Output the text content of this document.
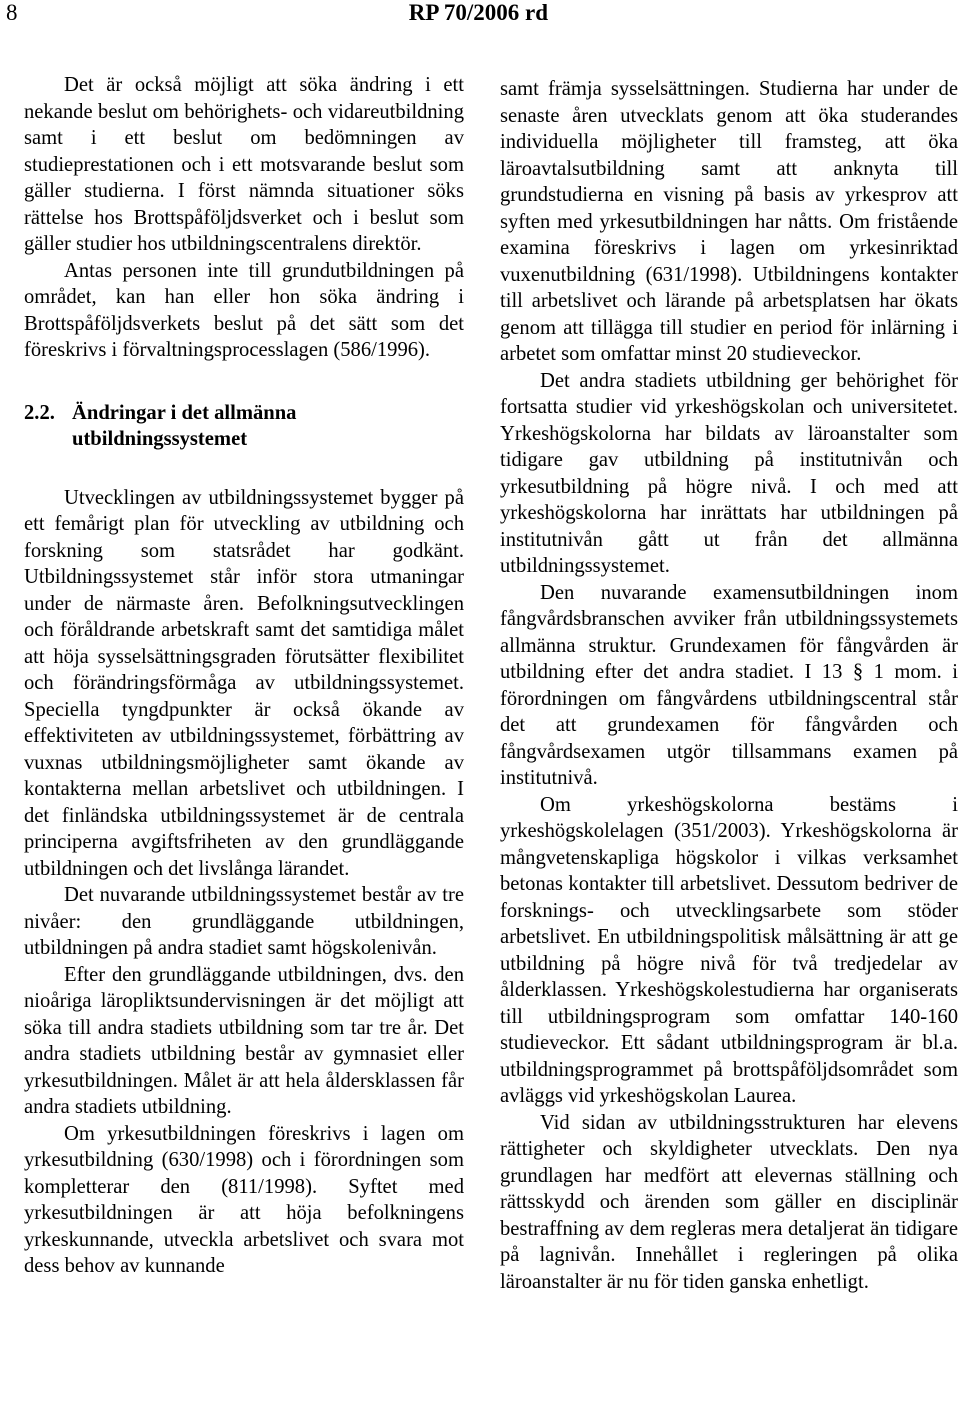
8	RP 70/2006 rd

Det är också möjligt att söka ändring i ett nekande beslut om behörighets- och vidareutbildning samt i ett beslut om bedömningen av studieprestationen och i ett motsvarande beslut som gäller studierna. I först nämnda situationer söks rättelse hos Brottspåföljdsverket och i beslut som gäller studier hos utbildningscentralens direktör.

Antas personen inte till grundutbildningen på området, kan han eller hon söka ändring i Brottspåföljdsverkets beslut på det sätt som det föreskrivs i förvaltningsprocesslagen (586/1996).

2.2. Ändringar i det allmänna utbildningssystemet

Utvecklingen av utbildningssystemet bygger på ett femårigt plan för utveckling av utbildning och forskning som statsrådet har godkänt. Utbildningssystemet står inför stora utmaningar under de närmaste åren. Befolkningsutvecklingen och föråldrande arbetskraft samt det samtidiga målet att höja sysselsättningsgraden förutsätter flexibilitet och förändringsförmåga av utbildningssystemet. Speciella tyngdpunkter är också ökande av effektiviteten av utbildningssystemet, förbättring av vuxnas utbildningsmöjligheter samt ökande av kontakterna mellan arbetslivet och utbildningen. I det finländska utbildningssystemet är de centrala principerna avgiftsfriheten av den grundläggande utbildningen och det livslånga lärandet.

Det nuvarande utbildningssystemet består av tre nivåer: den grundläggande utbildningen, utbildningen på andra stadiet samt högskolenivån.

Efter den grundläggande utbildningen, dvs. den nioåriga läropliktsundervisningen är det möjligt att söka till andra stadiets utbildning som tar tre år. Det andra stadiets utbildning består av gymnasiet eller yrkesutbildningen. Målet är att hela åldersklassen får andra stadiets utbildning.

Om yrkesutbildningen föreskrivs i lagen om yrkesutbildning (630/1998) och i förordningen som kompletterar den (811/1998). Syftet med yrkesutbildningen är att höja befolkningens yrkeskunnande, utveckla arbetslivet och svara mot dess behov av kunnande

samt främja sysselsättningen. Studierna har under de senaste åren utvecklats genom att öka studerandes individuella möjligheter till framsteg, att öka läroavtalsutbildning samt att anknyta till grundstudierna en visning på basis av yrkesprov att syften med yrkesutbildningen har nåtts. Om fristående examina föreskrivs i lagen om yrkesinriktad vuxenutbildning (631/1998). Utbildningens kontakter till arbetslivet och lärande på arbetsplatsen har ökats genom att tillägga till studier en period för inlärning i arbetet som omfattar minst 20 studieveckor.

Det andra stadiets utbildning ger behörighet för fortsatta studier vid yrkeshögskolan och universitetet. Yrkeshögskolorna har bildats av läroanstalter som tidigare gav utbildning på institutnivån och yrkesutbildning på högre nivå. I och med att yrkeshögskolorna har inrättats har utbildningen på institutnivån gått ut från det allmänna utbildningssystemet.

Den nuvarande examensutbildningen inom fångvårdsbranschen avviker från utbildningssystemets allmänna struktur. Grundexamen för fångvården är utbildning efter det andra stadiet. I 13 § 1 mom. i förordningen om fångvårdens utbildningscentral står det att grundexamen för fångvården och fångvårdsexamen utgör tillsammans examen på institutnivå.

Om yrkeshögskolorna bestäms i yrkeshögskolelagen (351/2003). Yrkeshögskolorna är mångvetenskapliga högskolor i vilkas verksamhet betonas kontakter till arbetslivet. Dessutom bedriver de forsknings- och utvecklingsarbete som stöder arbetslivet. En utbildningspolitisk målsättning är att ge utbildning på högre nivå för två tredjedelar av ålderklassen. Yrkeshögskolestudierna har organiserats till utbildningsprogram som omfattar 140-160 studieveckor. Ett sådant utbildningsprogram är bl.a. utbildningsprogrammet på brottspåföljdsområdet som avläggs vid yrkeshögskolan Laurea.

Vid sidan av utbildningsstrukturen har elevens rättigheter och skyldigheter utvecklats. Den nya grundlagen har medfört att elevernas ställning och rättsskydd och ärenden som gäller en disciplinär bestraffning av dem regleras mera detaljerat än tidigare på lagnivån. Innehållet i regleringen på olika läroanstalter är nu för tiden ganska enhetligt.
